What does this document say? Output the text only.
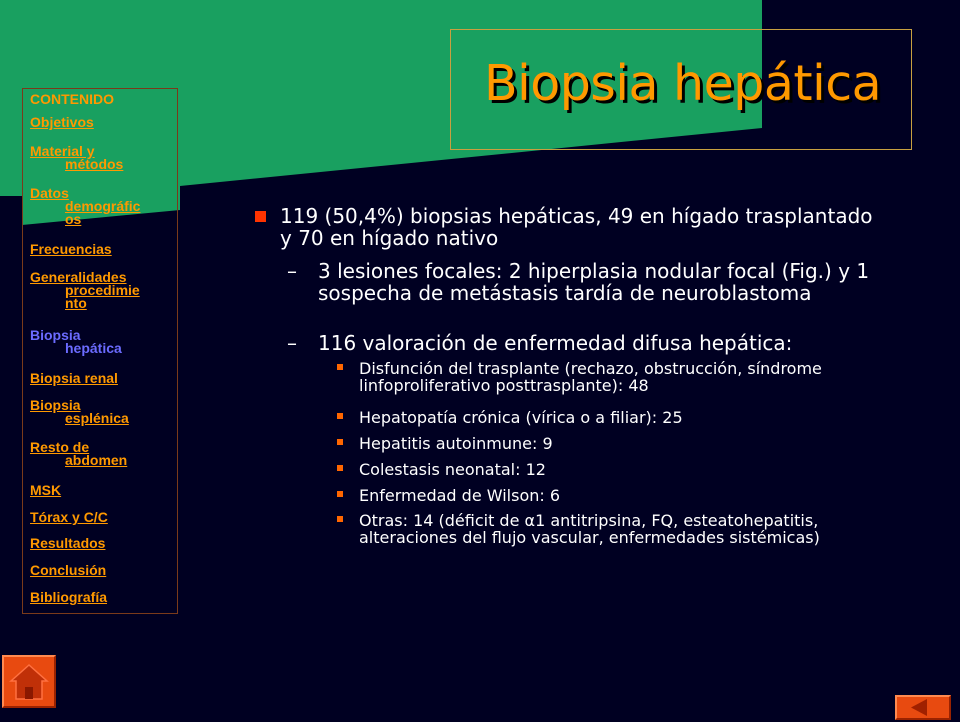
Biopsia hepática
CONTENIDO
Objetivos
Material y
métodos
Datos
demográfic
os
Frecuencias
Generalidades
procedimie
nto
Biopsia
hepática
Biopsia renal
Biopsia
esplénica
Resto de
abdomen
MSK
Tórax y C/C
Resultados
Conclusión
Bibliografía
119 (50,4%) biopsias hepáticas, 49 en hígado trasplantado y 70 en hígado nativo
– 3 lesiones focales: 2 hiperplasia nodular focal (Fig.) y 1 sospecha de metástasis tardía de neuroblastoma
– 116 valoración de enfermedad difusa hepática:
Disfunción del trasplante (rechazo, obstrucción, síndrome linfoproliferativo posttrasplante): 48
Hepatopatía crónica (vírica o a filiar): 25
Hepatitis autoinmune: 9
Colestasis neonatal: 12
Enfermedad de Wilson: 6
Otras: 14 (déficit de α1 antitripsina, FQ, esteatohepatitis, alteraciones del flujo vascular, enfermedades sistémicas)
